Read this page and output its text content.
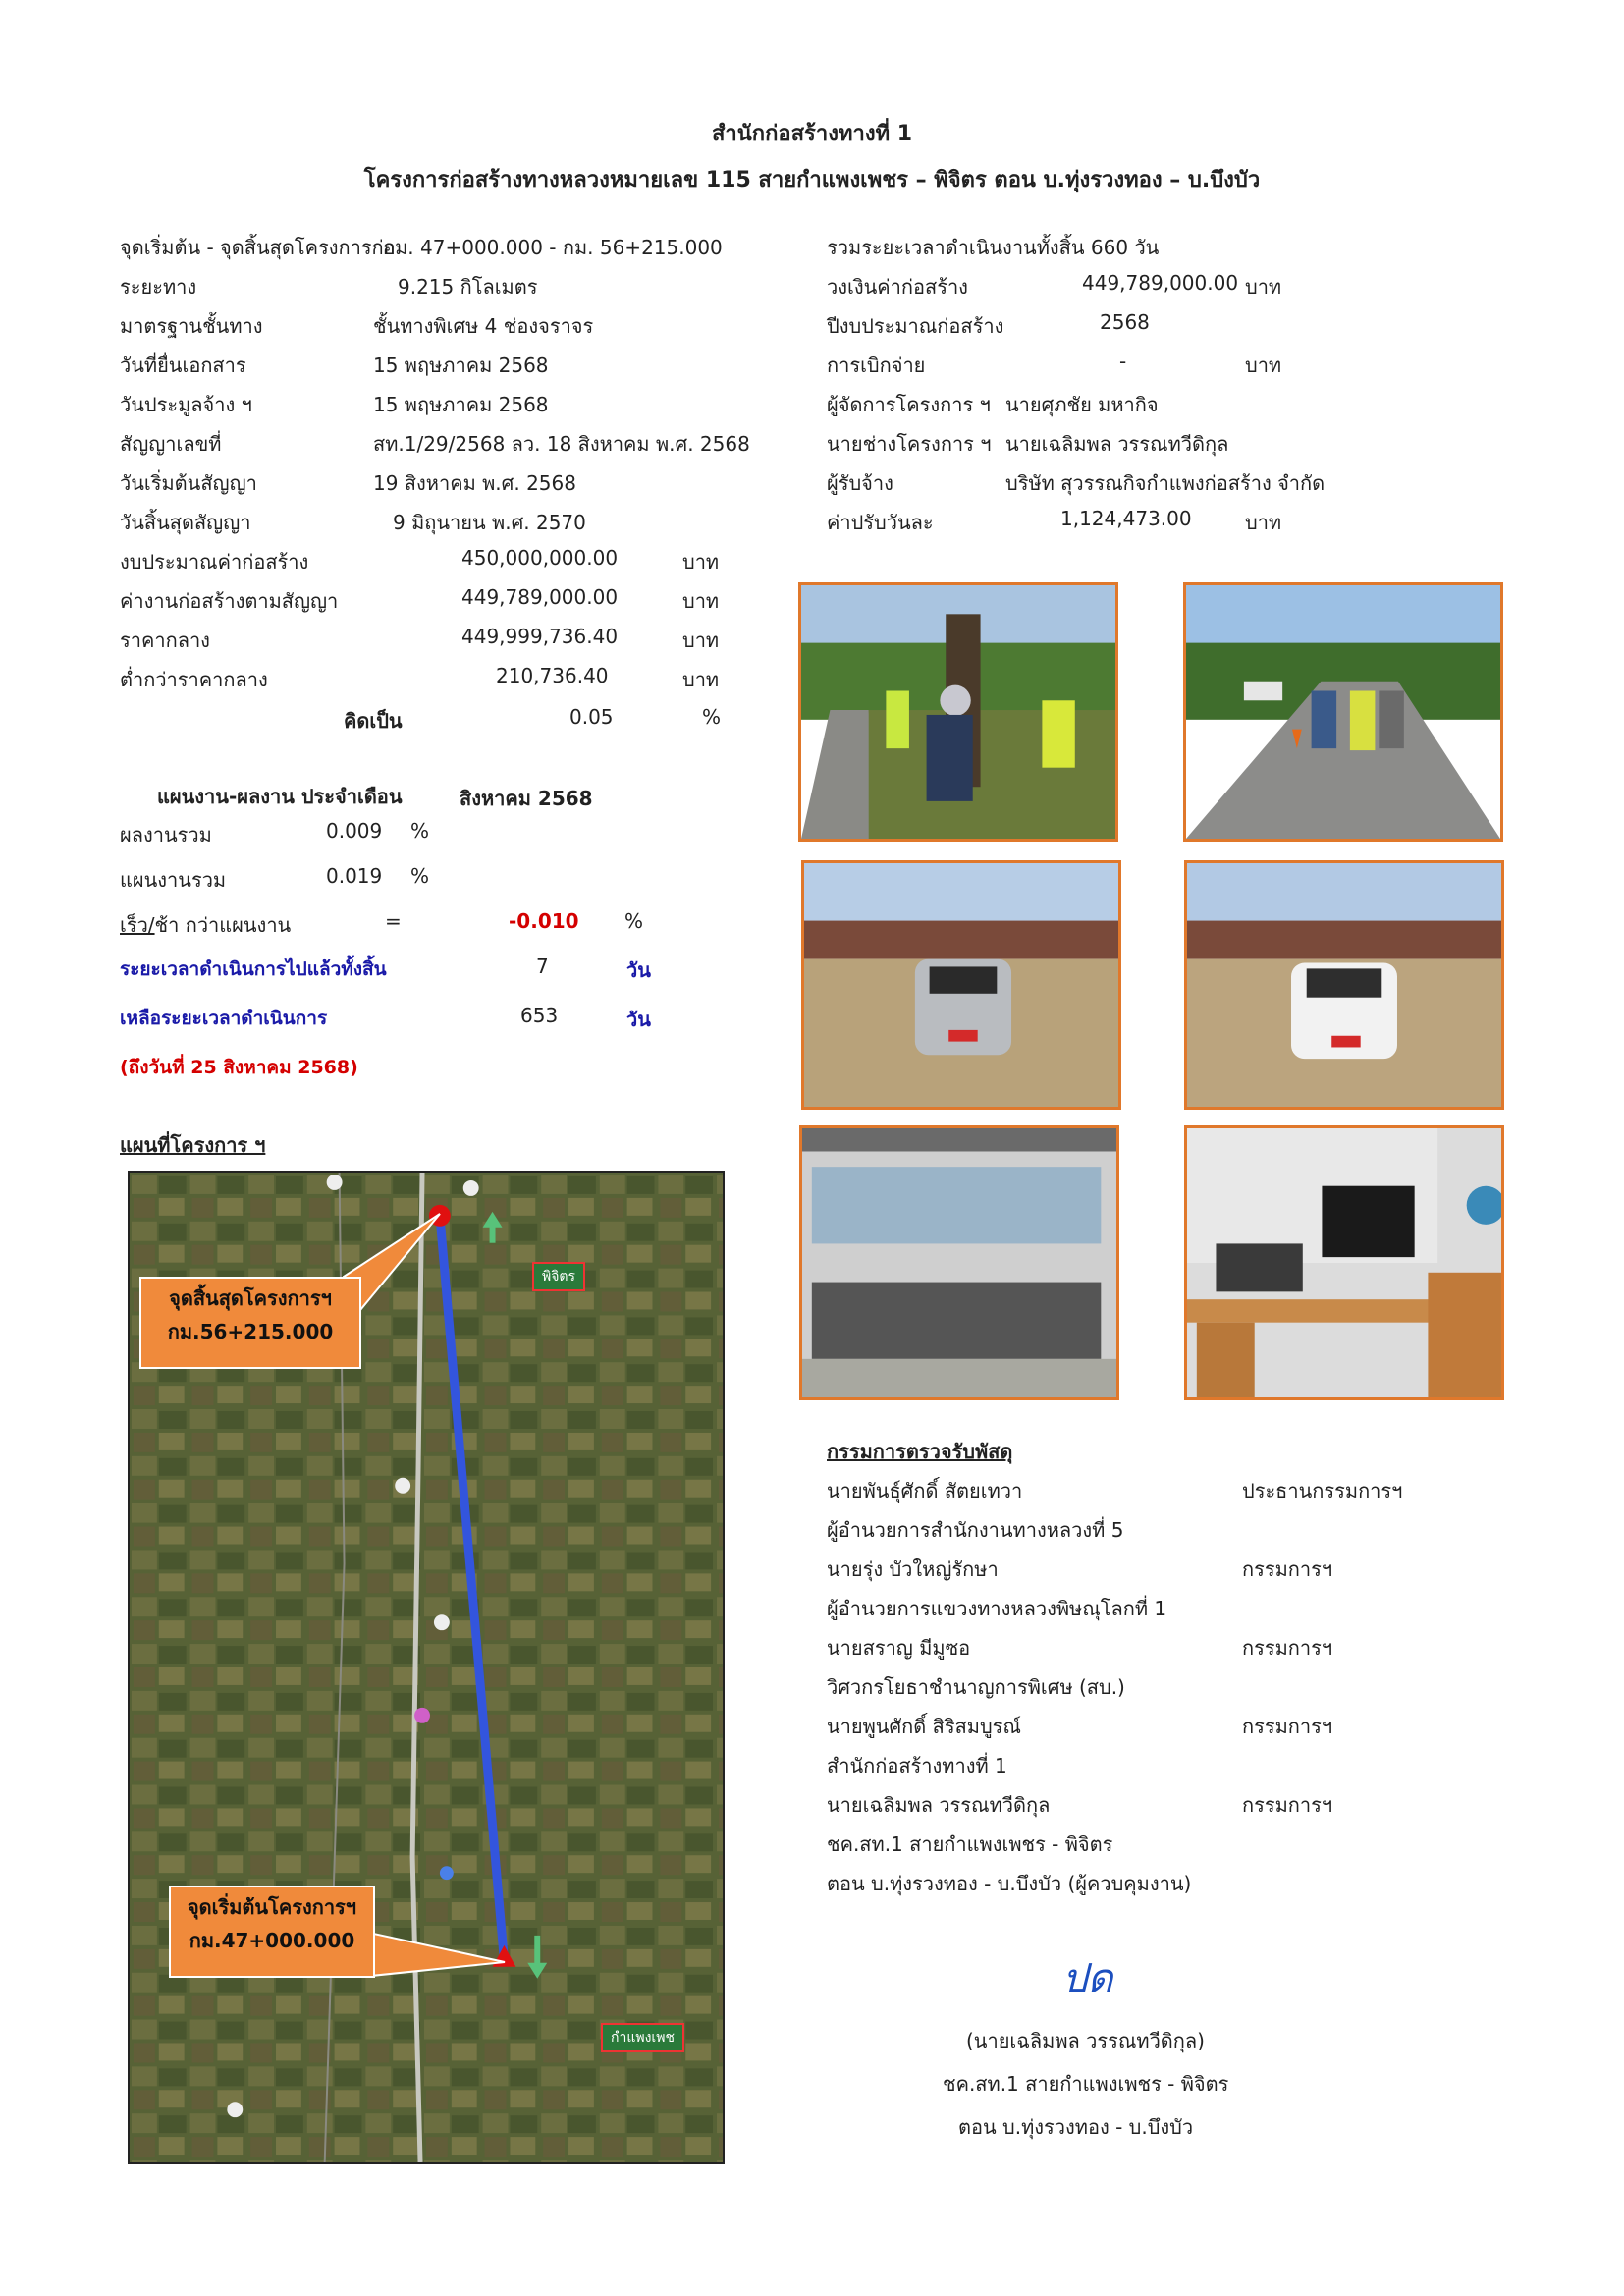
สำนักก่อสร้างทางที่ 1
โครงการก่อสร้างทางหลวงหมายเลข 115 สายกำแพงเพชร – พิจิตร ตอน บ.ทุ่งรวงทอง – บ.บึงบัว
จุดเริ่มต้น - จุดสิ้นสุดโครงการก่อ
กม. 47+000.000 - กม. 56+215.000
ระยะทาง	9.215 กิโลเมตร
มาตรฐานชั้นทาง	ชั้นทางพิเศษ 4 ช่องจราจร
วันที่ยื่นเอกสาร	15 พฤษภาคม 2568
วันประมูลจ้าง ฯ	15 พฤษภาคม 2568
สัญญาเลขที่	สท.1/29/2568 ลว. 18 สิงหาคม พ.ศ. 2568
วันเริ่มต้นสัญญา	19 สิงหาคม พ.ศ. 2568
วันสิ้นสุดสัญญา	9 มิถุนายน พ.ศ. 2570
งบประมาณค่าก่อสร้าง	450,000,000.00	บาท
ค่างานก่อสร้างตามสัญญา	449,789,000.00	บาท
ราคากลาง	449,999,736.40	บาท
ต่ำกว่าราคากลาง	210,736.40	บาท
คิดเป็น	0.05	%
รวมระยะเวลาดำเนินงานทั้งสิ้น 660 วัน
วงเงินค่าก่อสร้าง	449,789,000.00 บาท
ปีงบประมาณก่อสร้าง	2568
การเบิกจ่าย	-	บาท
ผู้จัดการโครงการ ฯ นายศุภชัย มหากิจ
นายช่างโครงการ ฯ นายเฉลิมพล วรรณทวีดิกุล
ผู้รับจ้าง	บริษัท สุวรรณกิจกำแพงก่อสร้าง จำกัด
ค่าปรับวันละ	1,124,473.00	บาท
แผนงาน-ผลงาน ประจำเดือน	สิงหาคม 2568
ผลงานรวม	0.009 %
แผนงานรวม	0.019 %
เร็ว/ช้า กว่าแผนงาน	=	-0.010 %
ระยะเวลาดำเนินการไปแล้วทั้งสิ้น	7	วัน
เหลือระยะเวลาดำเนินการ	653	วัน
(ถึงวันที่ 25 สิงหาคม 2568)
แผนที่โครงการ ฯ
จุดสิ้นสุดโครงการฯ
กม.56+215.000
จุดเริ่มต้นโครงการฯ
กม.47+000.000
พิจิตร
กำแพงเพช
กรรมการตรวจรับพัสดุ
นายพันธุ์ศักดิ์ สัตยเทวา	ประธานกรรมการฯ
ผู้อำนวยการสำนักงานทางหลวงที่ 5
นายรุ่ง บัวใหญ่รักษา	กรรมการฯ
ผู้อำนวยการแขวงทางหลวงพิษณุโลกที่ 1
นายสราญ มีมูซอ	กรรมการฯ
วิศวกรโยธาชำนาญการพิเศษ (สบ.)
นายพูนศักดิ์ สิริสมบูรณ์	กรรมการฯ
สำนักก่อสร้างทางที่ 1
นายเฉลิมพล วรรณทวีดิกุล	กรรมการฯ
ชค.สท.1 สายกำแพงเพชร - พิจิตร
ตอน บ.ทุ่งรวงทอง - บ.บึงบัว (ผู้ควบคุมงาน)
ปด
(นายเฉลิมพล วรรณทวีดิกุล)
ชค.สท.1 สายกำแพงเพชร - พิจิตร
ตอน บ.ทุ่งรวงทอง - บ.บึงบัว
